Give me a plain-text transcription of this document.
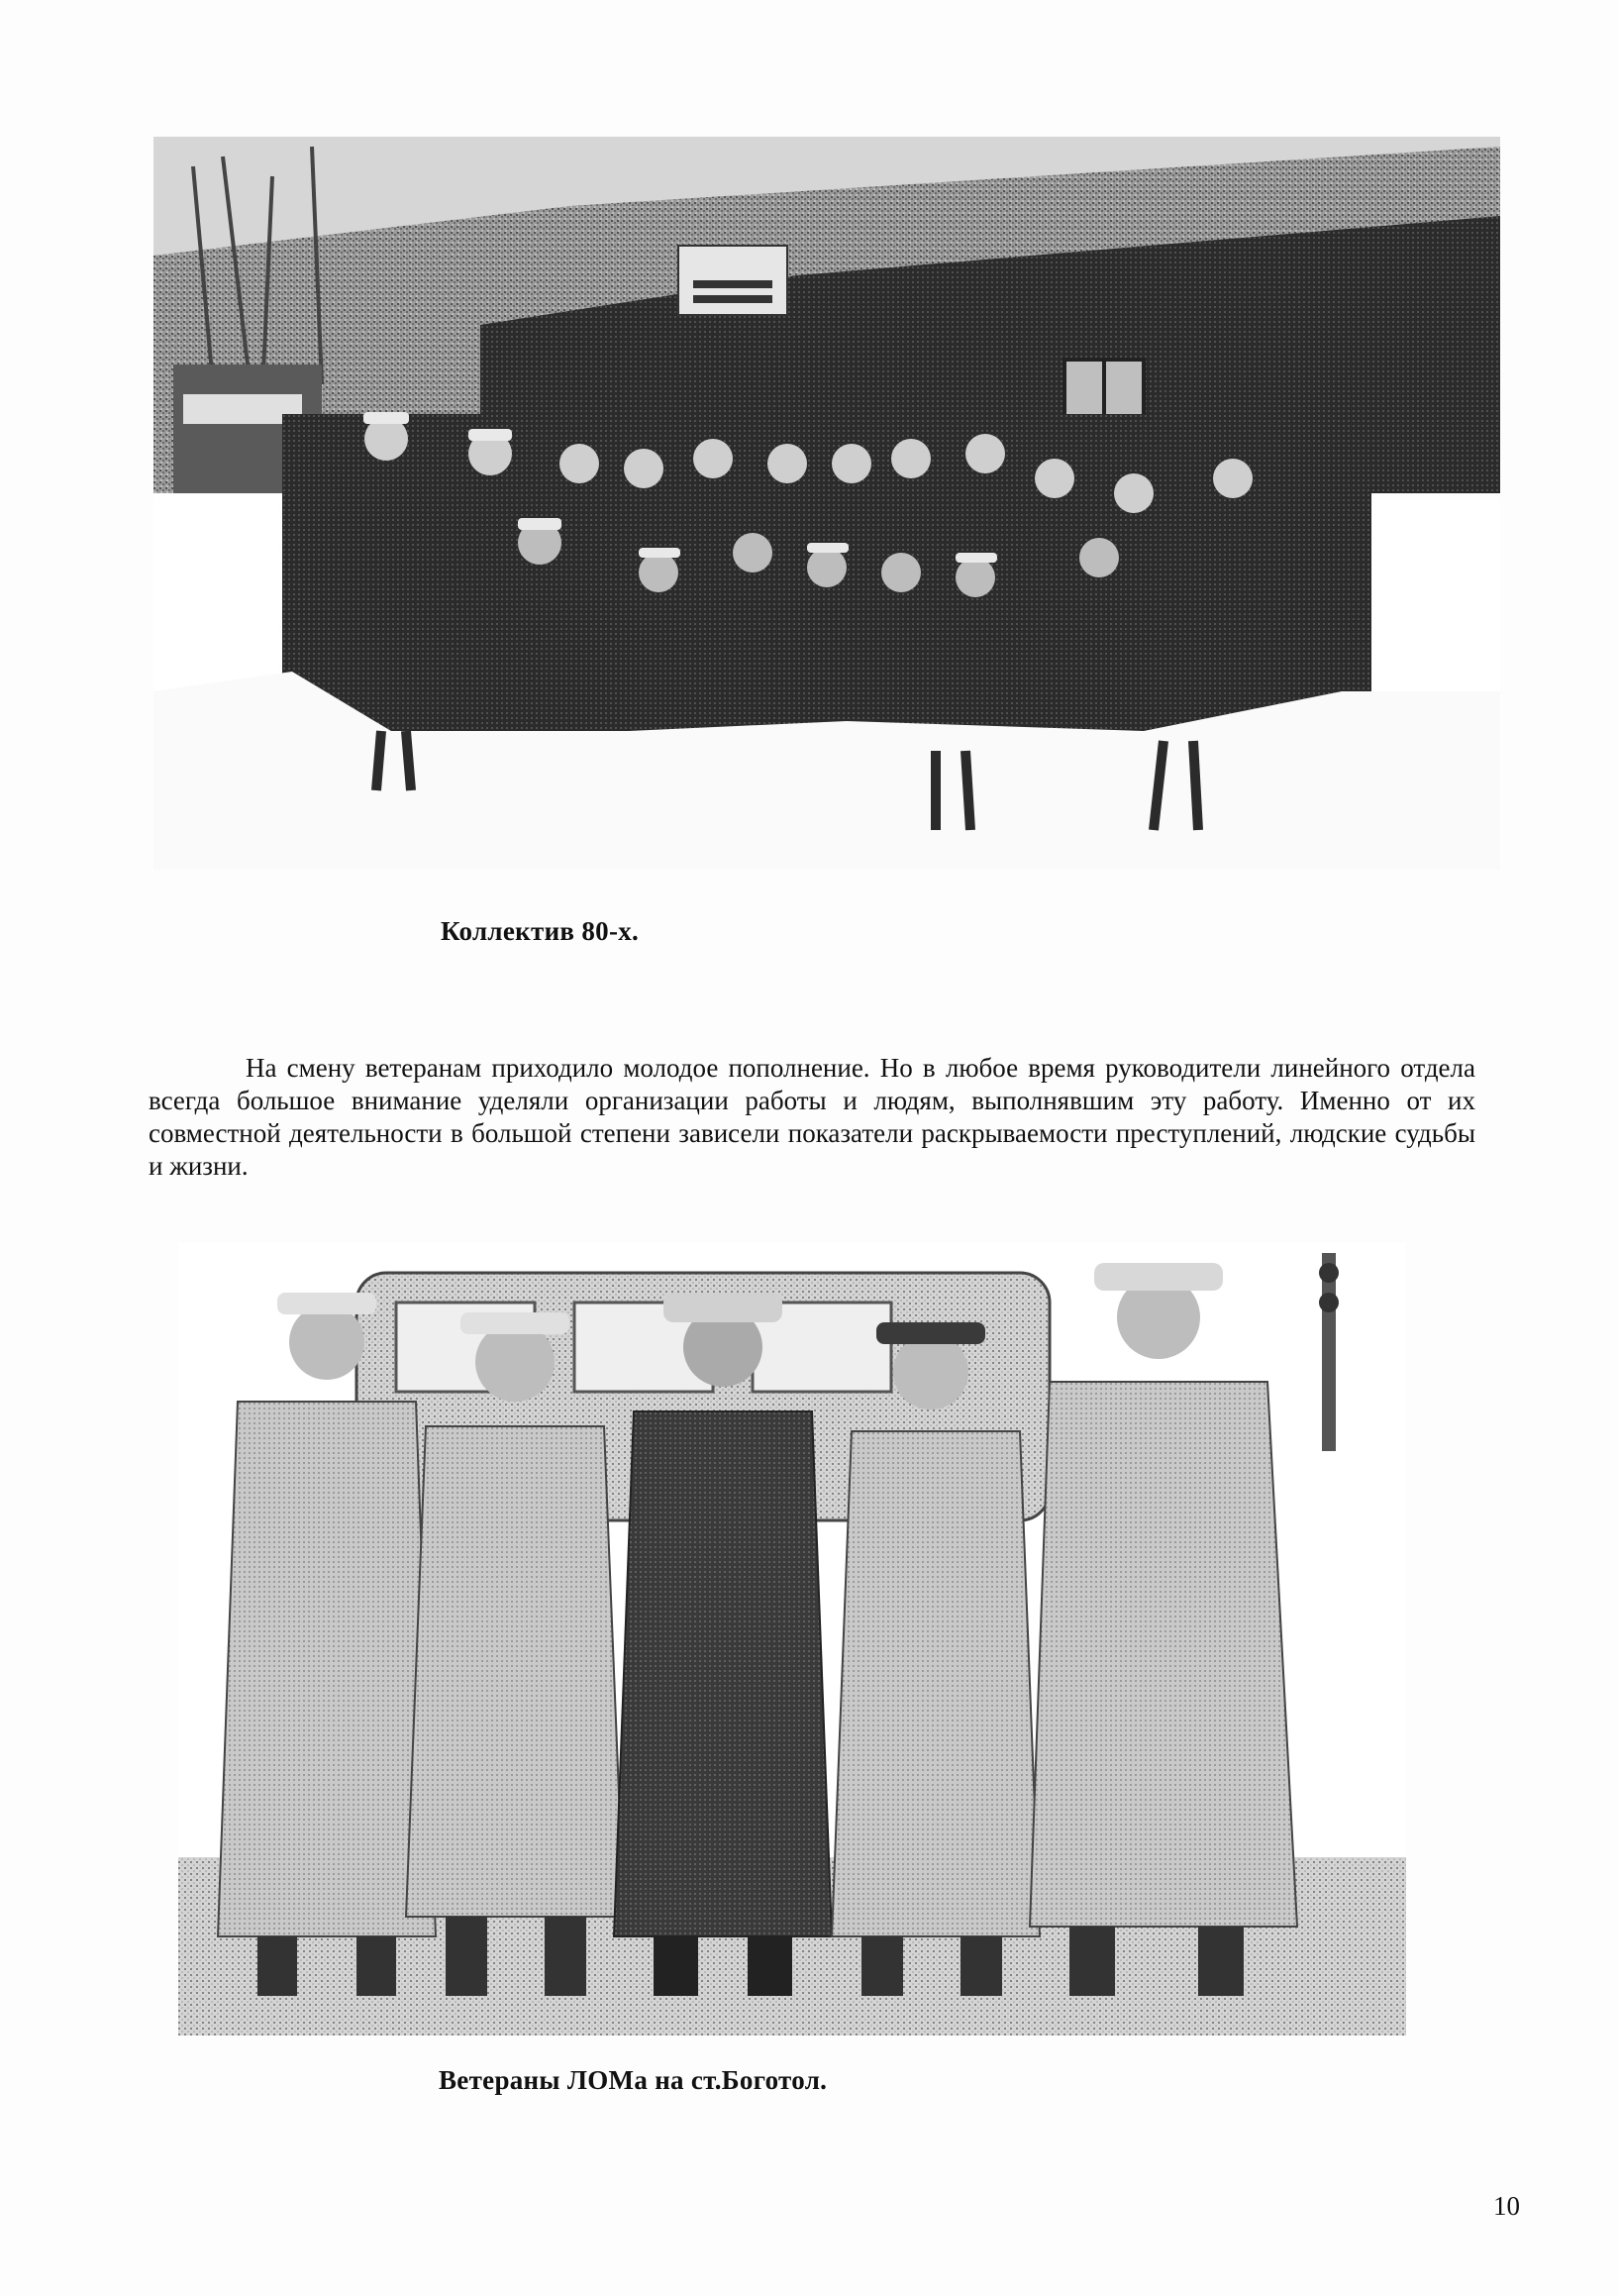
Коллектив 80-х.

На смену ветеранам приходило молодое пополнение. Но в любое время руководители линейного отдела всегда большое внимание уделяли организации работы и людям, выполнявшим эту работу. Именно от их совместной деятельности в большой степени зависели показатели раскрываемости преступлений, людские судьбы и жизни.

Ветераны ЛОМа на ст.Боготол.
10
